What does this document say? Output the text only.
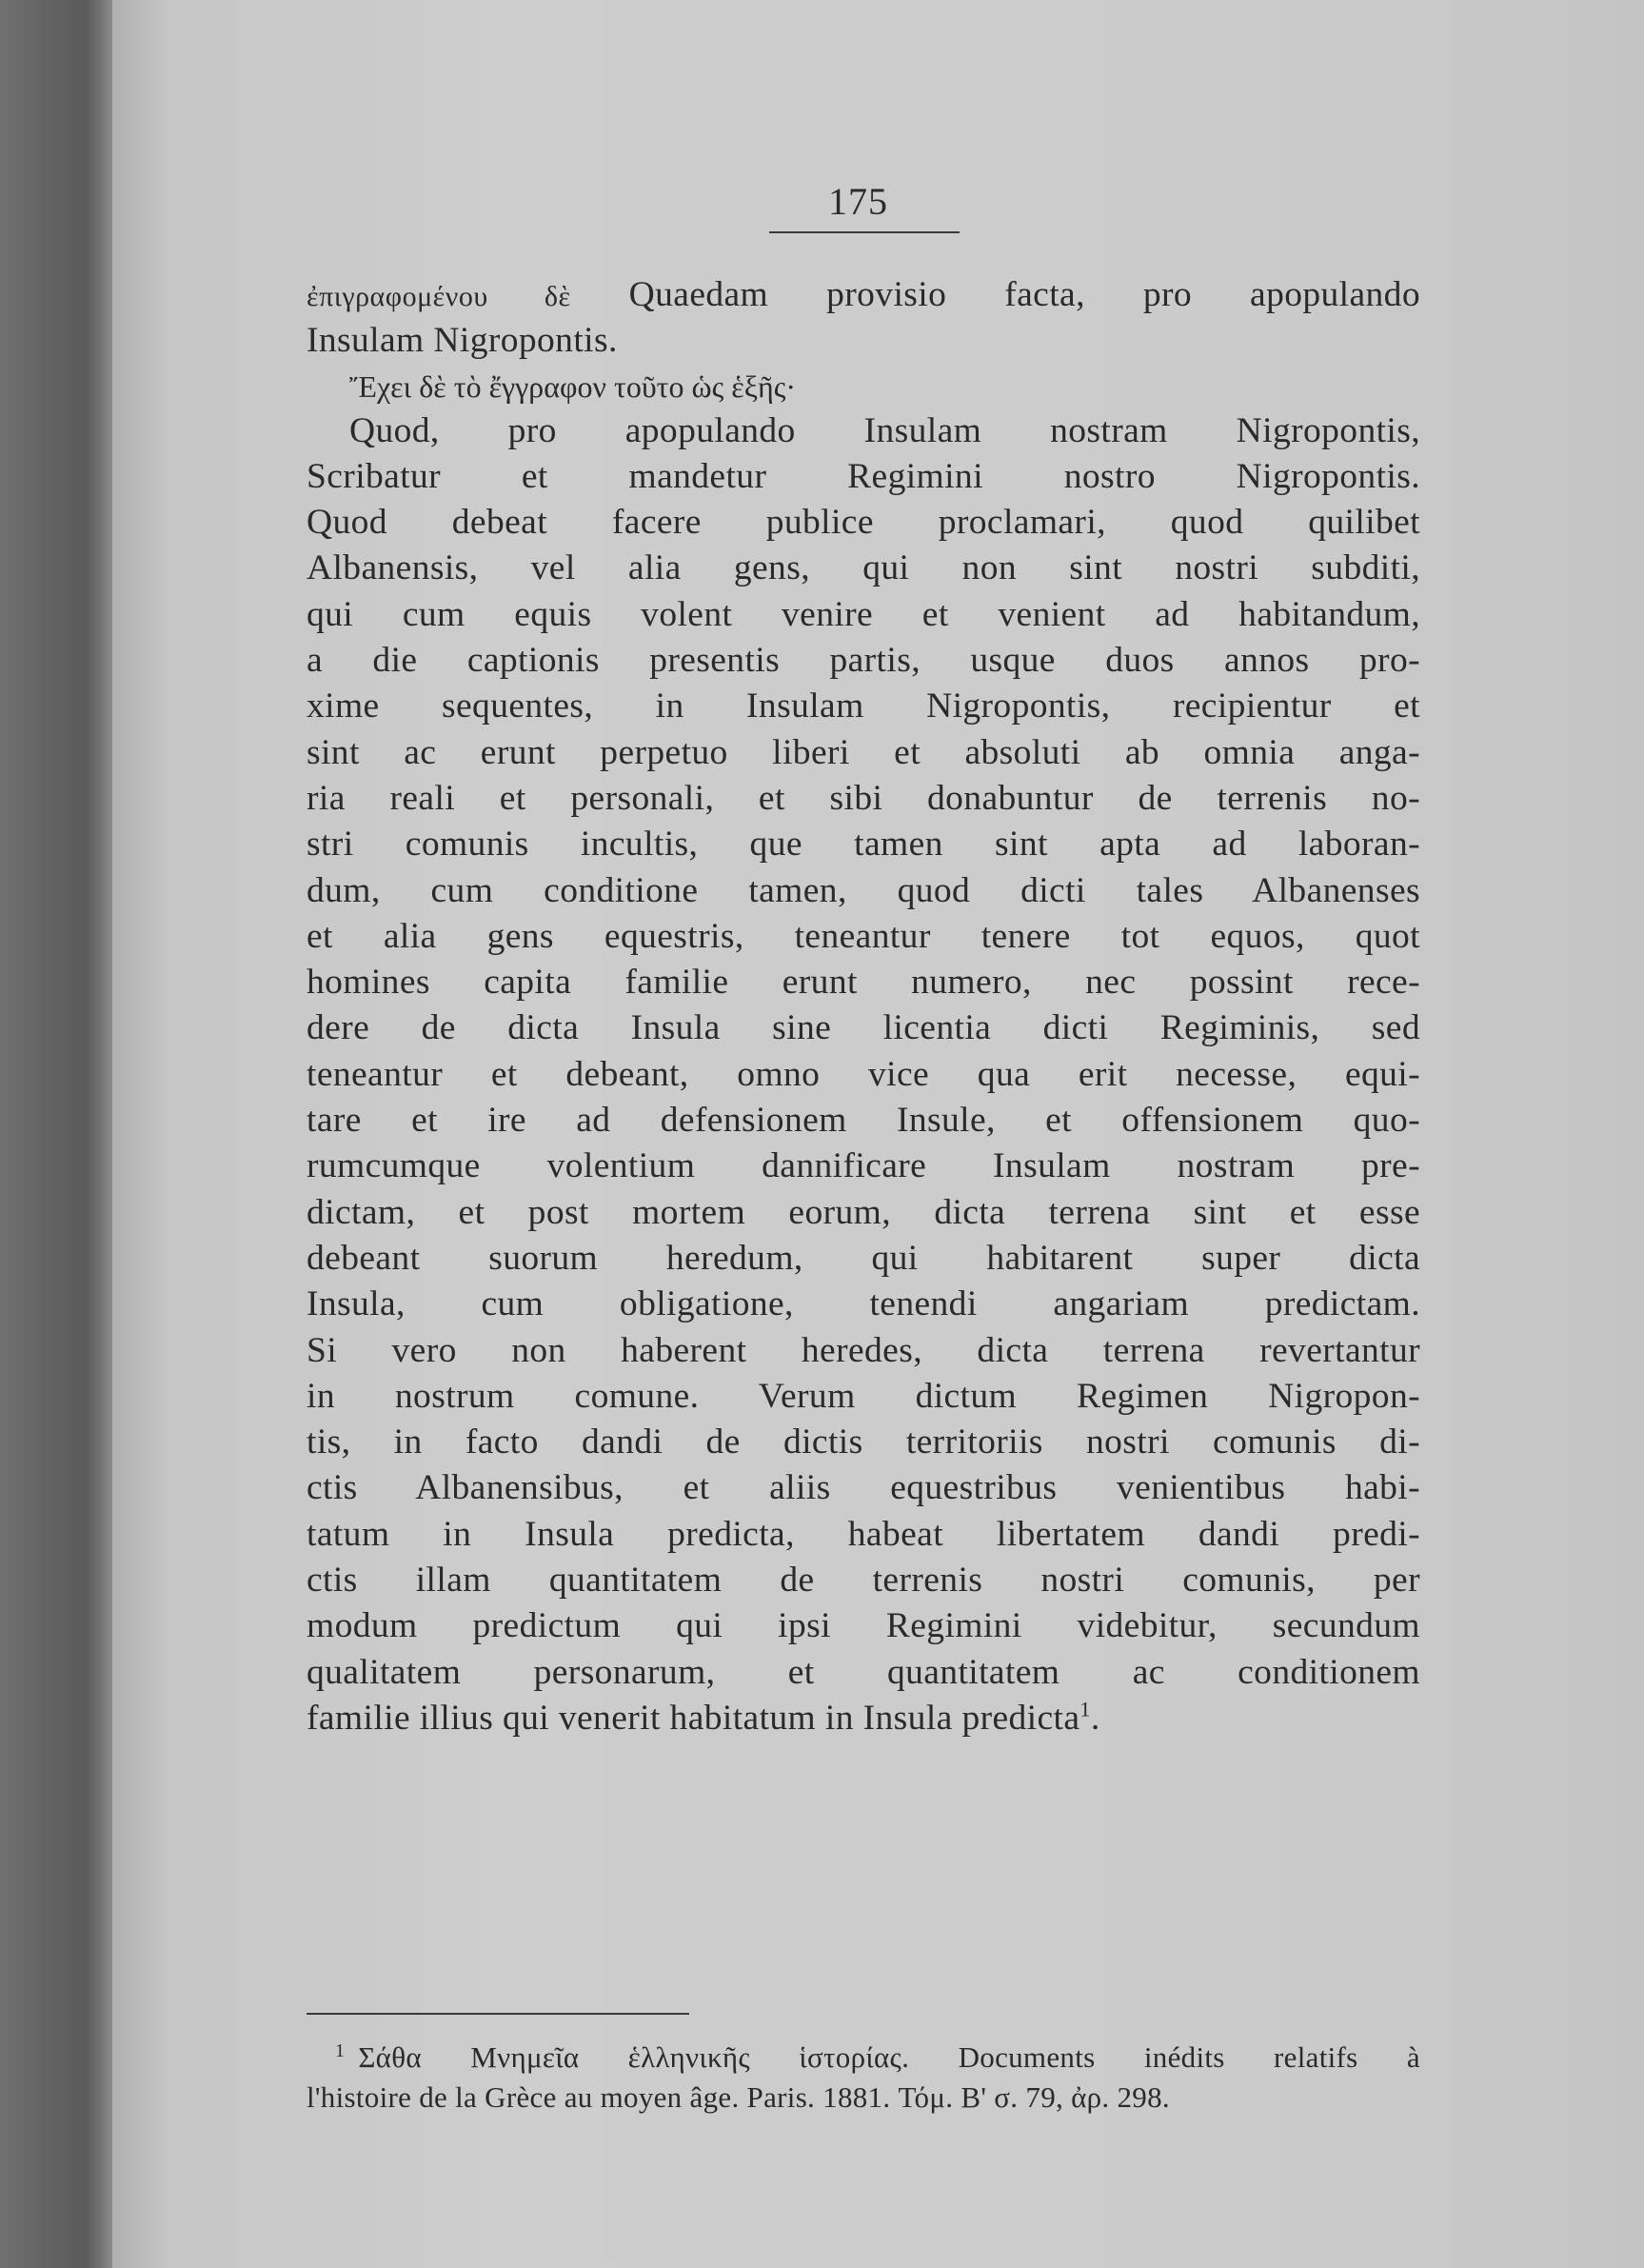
175
ἐπιγραφομένου δὲ Quaedam provisio facta, pro apopulando
Insulam Nigropontis.
Ἔχει δὲ τὸ ἔγγραφον τοῦτο ὡς ἑξῆς·
Quod, pro apopulando Insulam nostram Nigropontis,
Scribatur et mandetur Regimini nostro Nigropontis.
Quod debeat facere publice proclamari, quod quilibet
Albanensis, vel alia gens, qui non sint nostri subditi,
qui cum equis volent venire et venient ad habitandum,
a die captionis presentis partis, usque duos annos pro-
xime sequentes, in Insulam Nigropontis, recipientur et
sint ac erunt perpetuo liberi et absoluti ab omnia anga-
ria reali et personali, et sibi donabuntur de terrenis no-
stri comunis incultis, que tamen sint apta ad laboran-
dum, cum conditione tamen, quod dicti tales Albanenses
et alia gens equestris, teneantur tenere tot equos, quot
homines capita familie erunt numero, nec possint rece-
dere de dicta Insula sine licentia dicti Regiminis, sed
teneantur et debeant, omno vice qua erit necesse, equi-
tare et ire ad defensionem Insule, et offensionem quo-
rumcumque volentium dannificare Insulam nostram pre-
dictam, et post mortem eorum, dicta terrena sint et esse
debeant suorum heredum, qui habitarent super dicta
Insula, cum obligatione, tenendi angariam predictam.
Si vero non haberent heredes, dicta terrena revertantur
in nostrum comune. Verum dictum Regimen Nigropon-
tis, in facto dandi de dictis territoriis nostri comunis di-
ctis Albanensibus, et aliis equestribus venientibus habi-
tatum in Insula predicta, habeat libertatem dandi predi-
ctis illam quantitatem de terrenis nostri comunis, per
modum predictum qui ipsi Regimini videbitur, secundum
qualitatem personarum, et quantitatem ac conditionem
familie illius qui venerit habitatum in Insula predicta$^1$.
$^1$ Σάθα Μνημεῖα ἑλληνικῆς ἱστορίας. Documents inédits relatifs à
l'histoire de la Grèce au moyen âge. Paris. 1881. Τόμ. Β' σ. 79, ἀρ. 298.
